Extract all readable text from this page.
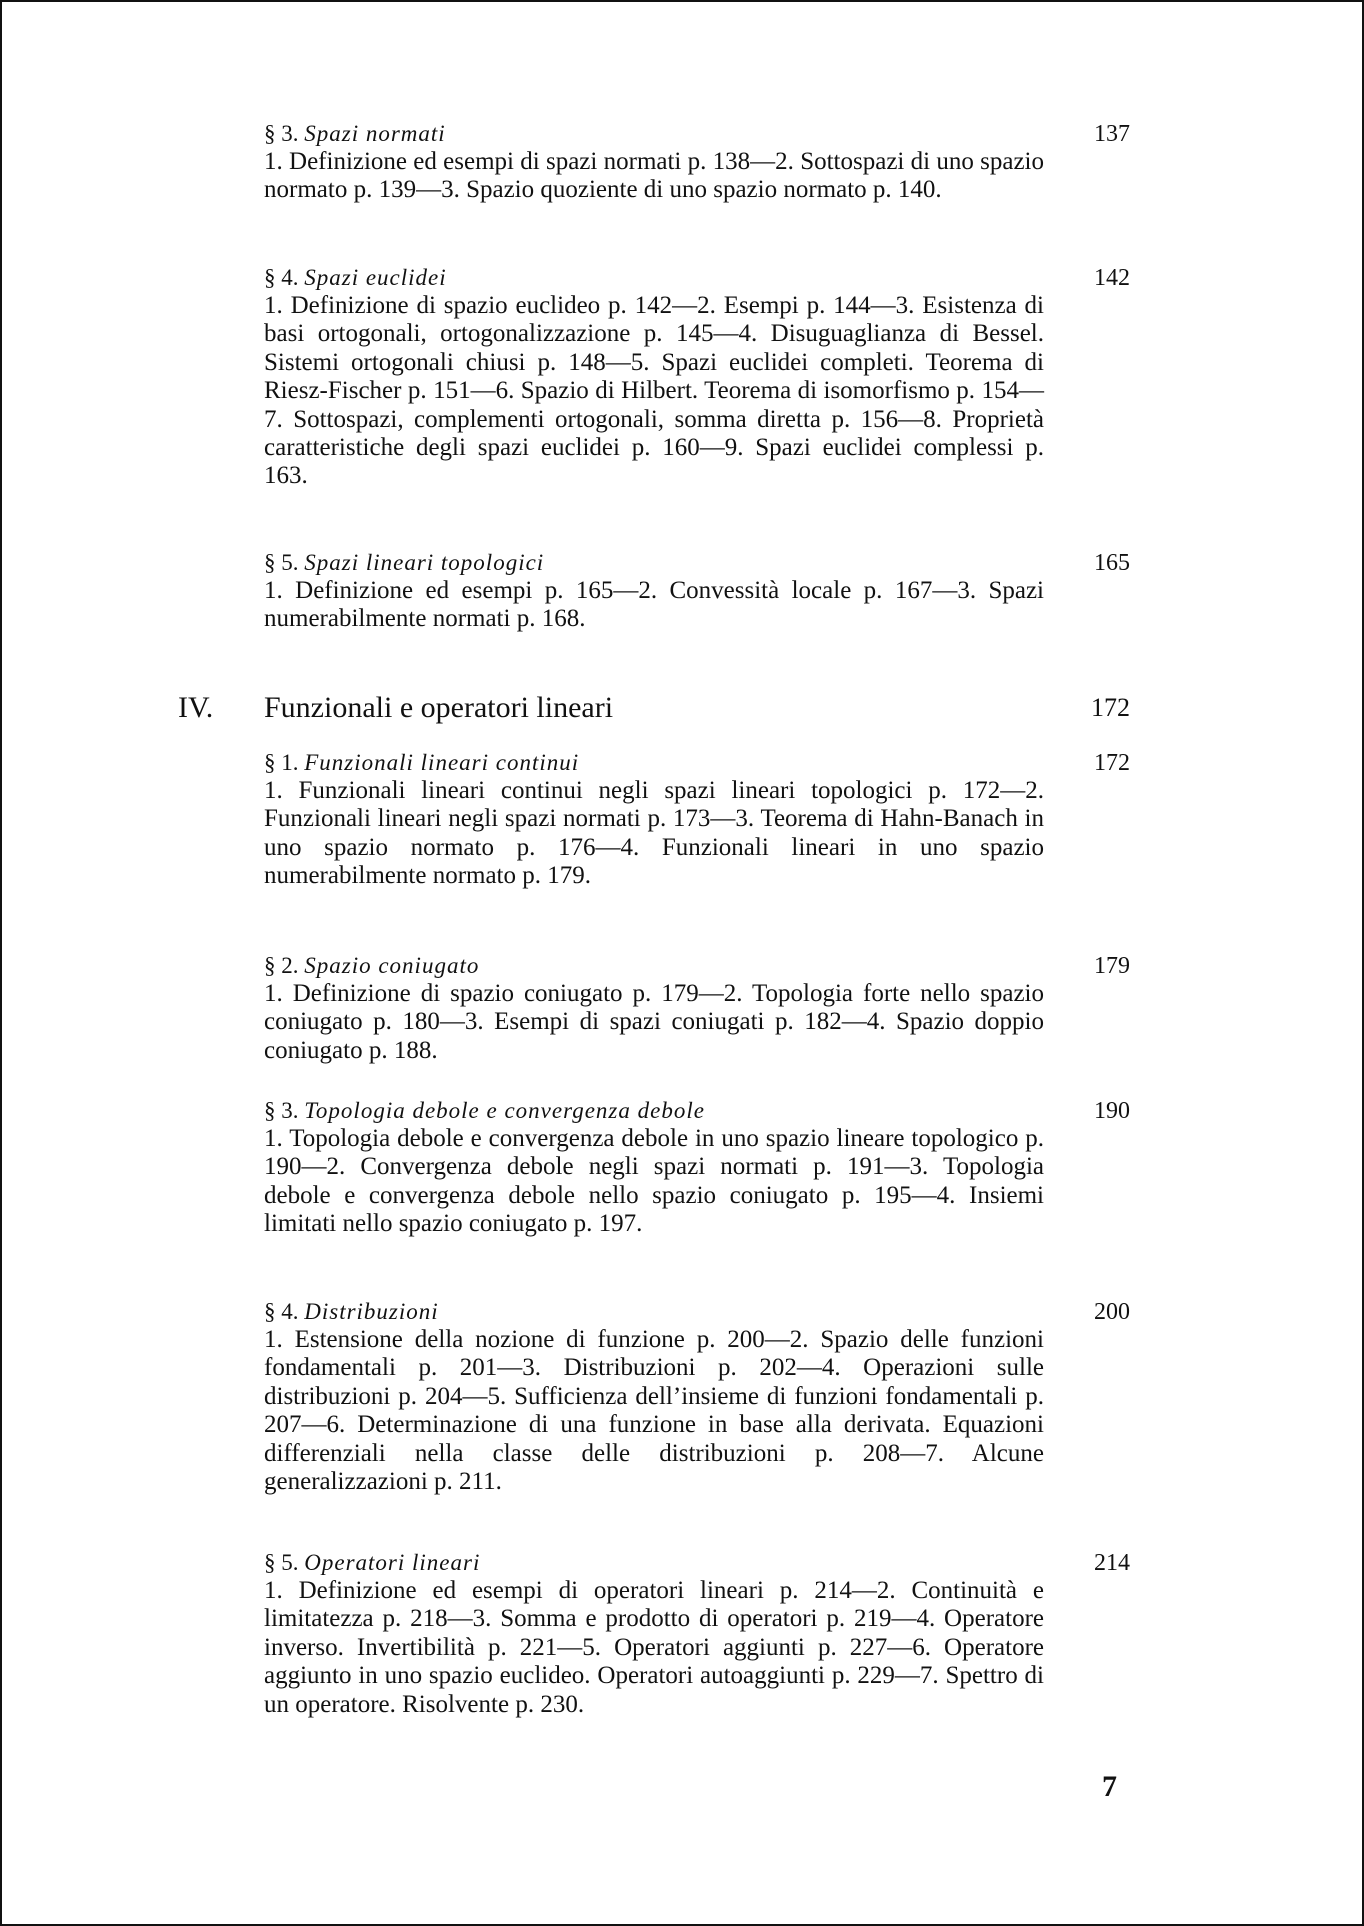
§ 3. Spazi normati	137

1. Definizione ed esempi di spazi normati p. 138—2. Sottospazi di uno spazio normato p. 139—3. Spazio quoziente di uno spazio normato p. 140.

§ 4. Spazi euclidei	142

1. Definizione di spazio euclideo p. 142—2. Esempi p. 144—3. Esistenza di basi ortogonali, ortogonalizzazione p. 145—4. Disuguaglianza di Bessel. Sistemi ortogonali chiusi p. 148—5. Spazi euclidei completi. Teorema di Riesz-Fischer p. 151—6. Spazio di Hilbert. Teorema di isomorfismo p. 154—7. Sottospazi, complementi ortogonali, somma diretta p. 156—8. Proprietà caratteristiche degli spazi euclidei p. 160—9. Spazi euclidei complessi p. 163.

§ 5. Spazi lineari topologici	165

1. Definizione ed esempi p. 165—2. Convessità locale p. 167—3. Spazi numerabilmente normati p. 168.

IV. Funzionali e operatori lineari	172
§ 1. Funzionali lineari continui	172

1. Funzionali lineari continui negli spazi lineari topologici p. 172—2. Funzionali lineari negli spazi normati p. 173—3. Teorema di Hahn-Banach in uno spazio normato p. 176—4. Funzionali lineari in uno spazio numerabilmente normato p. 179.

§ 2. Spazio coniugato	179

1. Definizione di spazio coniugato p. 179—2. Topologia forte nello spazio coniugato p. 180—3. Esempi di spazi coniugati p. 182—4. Spazio doppio coniugato p. 188.

§ 3. Topologia debole e convergenza debole	190

1. Topologia debole e convergenza debole in uno spazio lineare topologico p. 190—2. Convergenza debole negli spazi normati p. 191—3. Topologia debole e convergenza debole nello spazio coniugato p. 195—4. Insiemi limitati nello spazio coniugato p. 197.

§ 4. Distribuzioni	200

1. Estensione della nozione di funzione p. 200—2. Spazio delle funzioni fondamentali p. 201—3. Distribuzioni p. 202—4. Operazioni sulle distribuzioni p. 204—5. Sufficienza dell’insieme di funzioni fondamentali p. 207—6. Determinazione di una funzione in base alla derivata. Equazioni differenziali nella classe delle distribuzioni p. 208—7. Alcune generalizzazioni p. 211.

§ 5. Operatori lineari	214

1. Definizione ed esempi di operatori lineari p. 214—2. Continuità e limitatezza p. 218—3. Somma e prodotto di operatori p. 219—4. Operatore inverso. Invertibilità p. 221—5. Operatori aggiunti p. 227—6. Operatore aggiunto in uno spazio euclideo. Operatori autoaggiunti p. 229—7. Spettro di un operatore. Risolvente p. 230.

7
